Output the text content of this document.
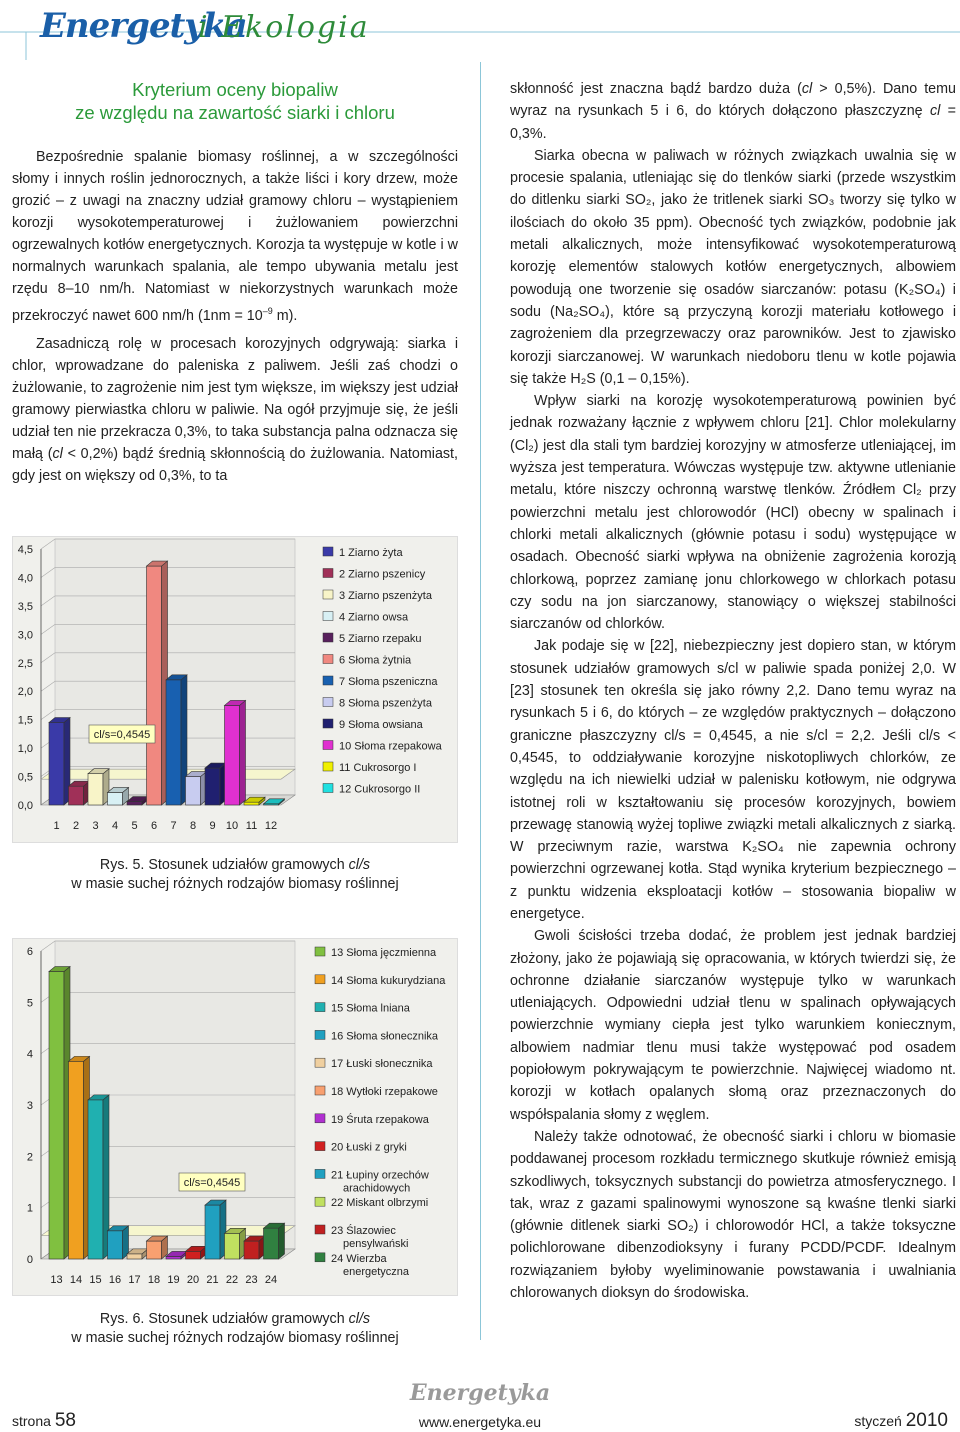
Energetyka
i Ekologia
Kryterium oceny biopaliw
ze względu na zawartość siarki i chloru

Bezpośrednie spalanie biomasy roślinnej, a w szczególności słomy i innych roślin jednorocznych, a także liści i kory drzew, może grozić – z uwagi na znaczny udział gramowy chloru – wystąpieniem korozji wysokotemperaturowej i żużlowaniem powierzchni ogrzewalnych kotłów energetycznych. Korozja ta występuje w kotle i w normalnych warunkach spalania, ale tempo ubywania metalu jest rzędu 8–10 nm/h. Natomiast w niekorzystnych warunkach może przekroczyć nawet 600 nm/h ($1nm = 10^{-9}$ m).

Zasadniczą rolę w procesach korozyjnych odgrywają: siarka i chlor, wprowadzane do paleniska z paliwem. Jeśli zaś chodzi o żużlowanie, to zagrożenie nim jest tym większe, im większy jest udział gramowy pierwiastka chloru w paliwie. Na ogół przyjmuje się, że jeśli udział ten nie przekracza 0,3%, to taka substancja palna odznacza się małą (cl < 0,2%) bądź średnią skłonnością do żużlowania. Natomiast, gdy jest on większy od 0,3%, to ta

0,0
0,5
1,0
1,5
2,0
2,5
3,0
3,5
4,0
4,5
1 2 3 4 5 6 7 8 9 10 11 12
cl/s=0,4545
1 Ziarno żyta
2 Ziarno pszenicy
3 Ziarno pszenżyta
4 Ziarno owsa
5 Ziarno rzepaku
6 Słoma żytnia
7 Słoma pszeniczna
8 Słoma pszenżyta
9 Słoma owsiana
10 Słoma rzepakowa
11 Cukrosorgo I
12 Cukrosorgo II
Rys. 5. Stosunek udziałów gramowych cl/s
w masie suchej różnych rodzajów biomasy roślinnej
0
1
2
3
4
5
6
13 14 15 16 17 18 19 20 21 22 23 24
cl/s=0,4545
13 Słoma jęczmienna
14 Słoma kukurydziana
15 Słoma lniana
16 Słoma słonecznika
17 Łuski słonecznika
18 Wytłoki rzepakowe
19 Śruta rzepakowa
20 Łuski z gryki
21 Łupiny orzechów
arachidowych
22 Miskant olbrzymi
23 Ślazowiec
pensylwański
24 Wierzba
energetyczna
Rys. 6. Stosunek udziałów gramowych cl/s
w masie suchej różnych rodzajów biomasy roślinnej

skłonność jest znaczna bądź bardzo duża (cl > 0,5%). Dano temu wyraz na rysunkach 5 i 6, do których dołączono płaszczyznę cl = 0,3%.

Siarka obecna w paliwach w różnych związkach uwalnia się w procesie spalania, utleniając się do tlenków siarki (przede wszystkim do ditlenku siarki SO₂, jako że tritlenek siarki SO₃ tworzy się tylko w ilościach do około 35 ppm). Obecność tych związków, podobnie jak metali alkalicznych, może intensyfikować wysokotemperaturową korozję elementów stalowych kotłów energetycznych, albowiem powodują one tworzenie się osadów siarczanów: potasu (K₂SO₄) i sodu (Na₂SO₄), które są przyczyną korozji materiału kotłowego i zagrożeniem dla przegrzewaczy oraz parowników. Jest to zjawisko korozji siarczanowej. W warunkach niedoboru tlenu w kotle pojawia się także H₂S (0,1 – 0,15%).

Wpływ siarki na korozję wysokotemperaturową powinien być jednak rozważany łącznie z wpływem chloru [21]. Chlor molekularny (Cl₂) jest dla stali tym bardziej korozyjny w atmosferze utleniającej, im wyższa jest temperatura. Wówczas występuje tzw. aktywne utlenianie metalu, które niszczy ochronną warstwę tlenków. Źródłem Cl₂ przy powierzchni metalu jest chlorowodór (HCl) obecny w spalinach i chlorki metali alkalicznych (głównie potasu i sodu) występujące w osadach. Obecność siarki wpływa na obniżenie zagrożenia korozją chlorkową, poprzez zamianę jonu chlorkowego w chlorkach potasu czy sodu na jon siarczanowy, stanowiący o większej stabilności siarczanów od chlorków.

Jak podaje się w [22], niebezpieczny jest dopiero stan, w którym stosunek udziałów gramowych s/cl w paliwie spada poniżej 2,0. W [23] stosunek ten określa się jako równy 2,2. Dano temu wyraz na rysunkach 5 i 6, do których – ze względów praktycznych – dołączono graniczne płaszczyzny cl/s = 0,4545, a nie s/cl = 2,2. Jeśli cl/s < 0,4545, to oddziaływanie korozyjne niskotopliwych chlorków, ze względu na ich niewielki udział w palenisku kotłowym, nie odgrywa istotnej roli w kształtowaniu się procesów korozyjnych, bowiem przewagę stanowią wyżej topliwe związki metali alkalicznych z siarką. W przeciwnym razie, warstwa K₂SO₄ nie zapewnia ochrony powierzchni ogrzewanej kotła. Stąd wynika kryterium bezpiecznego – z punktu widzenia eksploatacji kotłów – stosowania biopaliw w energetyce.

Gwoli ścisłości trzeba dodać, że problem jest jednak bardziej złożony, jako że pojawiają się opracowania, w których twierdzi się, że ochronne działanie siarczanów występuje tylko w warunkach utleniających. Odpowiedni udział tlenu w spalinach opływających powierzchnie wymiany ciepła jest tylko warunkiem koniecznym, albowiem nadmiar tlenu musi także występować pod osadem popiołowym pokrywającym te powierzchnie. Najwięcej wiadomo nt. korozji w kotłach opalanych słomą oraz przeznaczonych do współspalania słomy z węglem.

Należy także odnotować, że obecność siarki i chloru w biomasie poddawanej procesom rozkładu termicznego skutkuje również emisją szkodliwych, toksycznych substancji do powietrza atmosferycznego. I tak, wraz z gazami spalinowymi wynoszone są kwaśne tlenki siarki (głównie ditlenek siarki SO₂) i chlorowodór HCl, a także toksyczne polichlorowane dibenzodioksyny i furany PCDD/PCDF. Idealnym rozwiązaniem byłoby wyeliminowanie powstawania i uwalniania chlorowanych dioksyn do środowiska.

Energetyka
strona 58	www.energetyka.eu	styczeń 2010
